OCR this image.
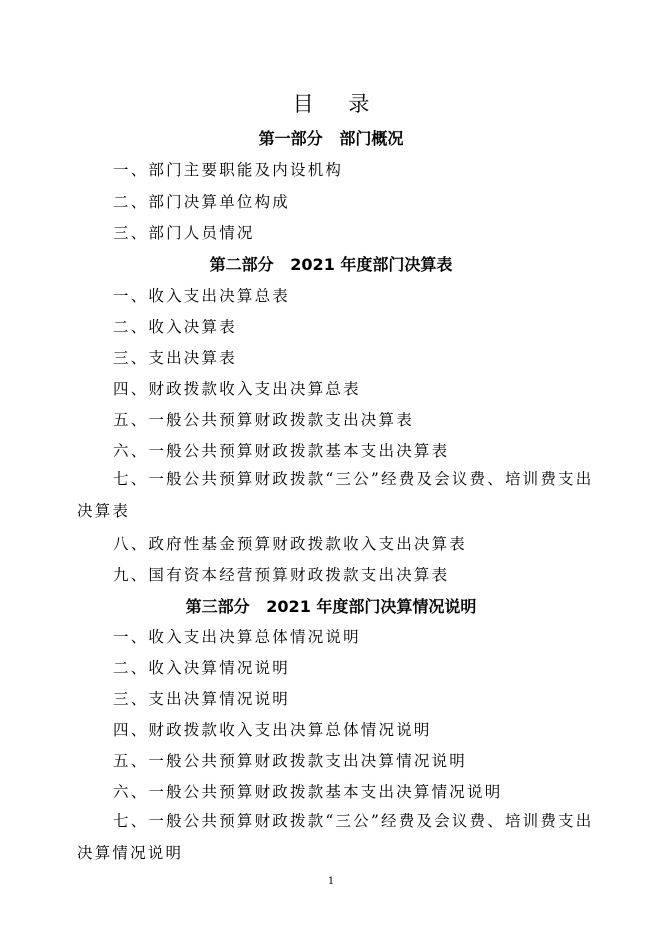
目 录
第一部分   部门概况
一、部门主要职能及内设机构
二、部门决算单位构成
三、部门人员情况
第二部分   2021 年度部门决算表
一、收入支出决算总表
二、收入决算表
三、支出决算表
四、财政拨款收入支出决算总表
五、一般公共预算财政拨款支出决算表
六、一般公共预算财政拨款基本支出决算表
七、一般公共预算财政拨款“三公”经费及会议费、培训费支出决算表
八、政府性基金预算财政拨款收入支出决算表
九、国有资本经营预算财政拨款支出决算表
第三部分   2021 年度部门决算情况说明
一、收入支出决算总体情况说明
二、收入决算情况说明
三、支出决算情况说明
四、财政拨款收入支出决算总体情况说明
五、一般公共预算财政拨款支出决算情况说明
六、一般公共预算财政拨款基本支出决算情况说明
七、一般公共预算财政拨款“三公”经费及会议费、培训费支出决算情况说明
1
